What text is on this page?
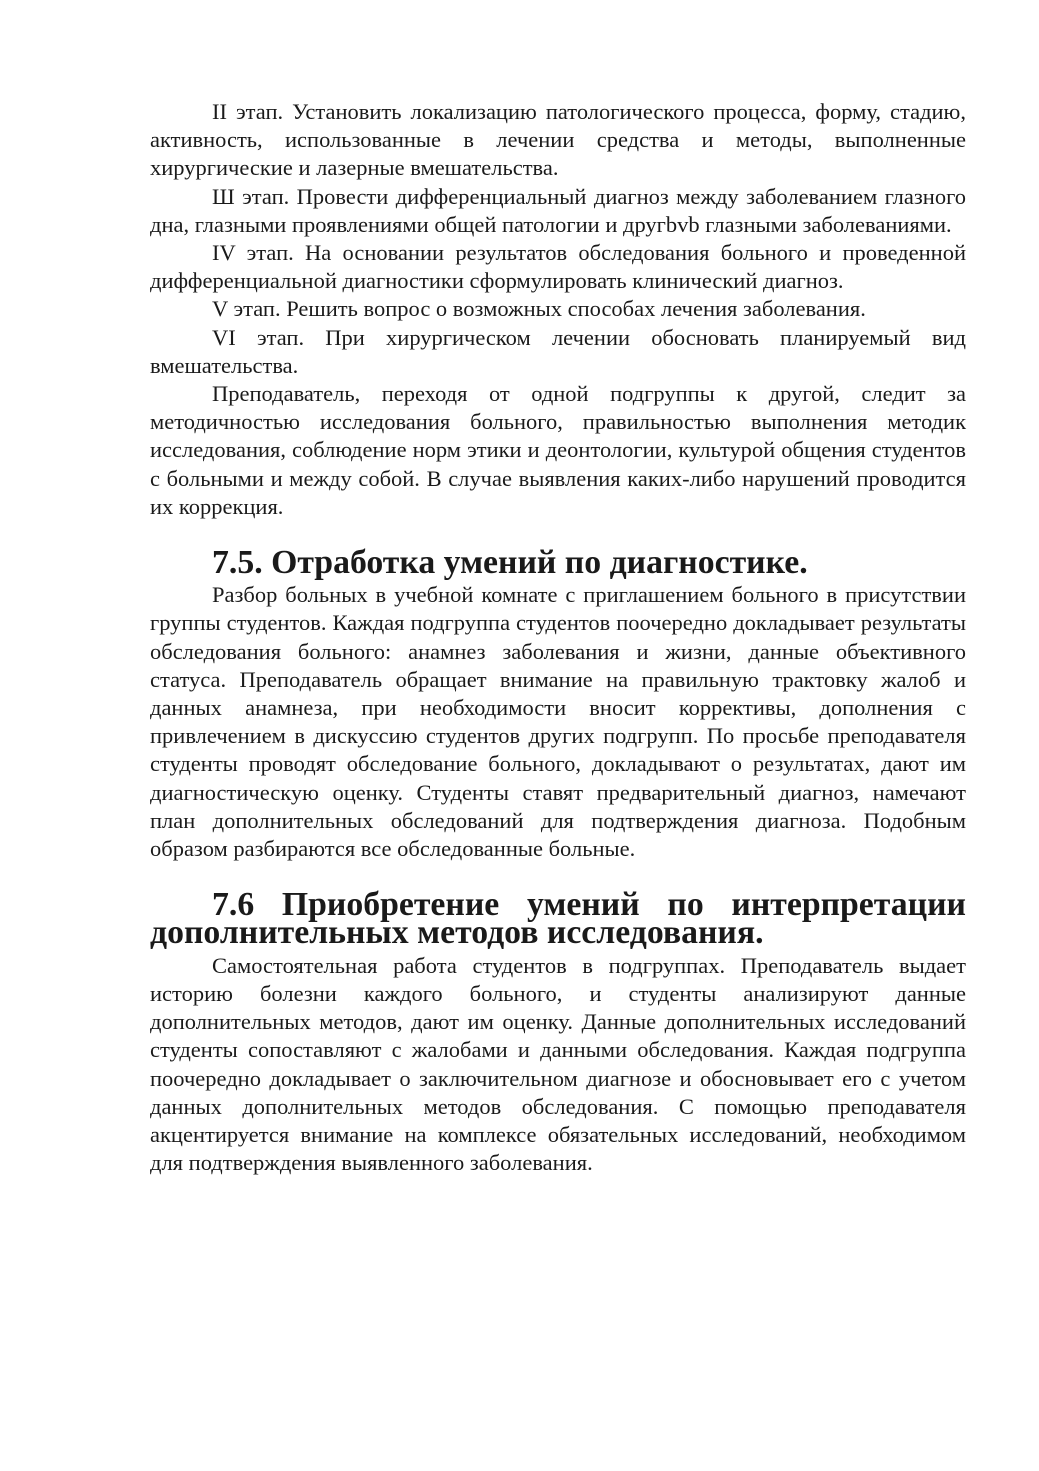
II этап. Установить локализацию патологического процесса, форму, стадию, активность, использованные в лечении средства и методы, выполненные хирургические и лазерные вмешательства.

Ш этап. Провести дифференциальный диагноз между заболеванием глазного дна, глазными проявлениями общей патологии и другbvb глазными заболеваниями.

IV этап. На основании результатов обследования больного и проведенной дифференциальной диагностики сформулировать клинический диагноз.

V этап. Решить вопрос о возможных способах лечения заболевания.

VI этап. При хирургическом лечении обосновать планируемый вид вмешательства.

Преподаватель, переходя от одной подгруппы к другой, следит за методичностью исследования больного, правильностью выполнения методик исследования, соблюдение норм этики и деонтологии, культурой общения студентов с больными и между собой. В случае выявления каких-либо нарушений проводится их коррекция.

7.5. Отработка умений по диагностике.

Разбор больных в учебной комнате с приглашением больного в присутствии группы студентов. Каждая подгруппа студентов поочередно докладывает результаты обследования больного: анамнез заболевания и жизни, данные объективного статуса. Преподаватель обращает внимание на правильную трактовку жалоб и данных анамнеза, при необходимости вносит коррективы, дополнения с привлечением в дискуссию студентов других подгрупп. По просьбе преподавателя студенты проводят обследование больного, докладывают о результатах, дают им диагностическую оценку. Студенты ставят предварительный диагноз, намечают план дополнительных обследований для подтверждения диагноза. Подобным образом разбираются все обследованные больные.

7.6 Приобретение умений по интерпретации дополнительных методов исследования.

Самостоятельная работа студентов в подгруппах. Преподаватель выдает историю болезни каждого больного, и студенты анализируют данные дополнительных методов, дают им оценку. Данные дополнительных исследований студенты сопоставляют с жалобами и данными обследования. Каждая подгруппа поочередно докладывает о заключительном диагнозе и обосновывает его с учетом данных дополнительных методов обследования. С помощью преподавателя акцентируется внимание на комплексе обязательных исследований, необходимом для подтверждения выявленного заболевания.
